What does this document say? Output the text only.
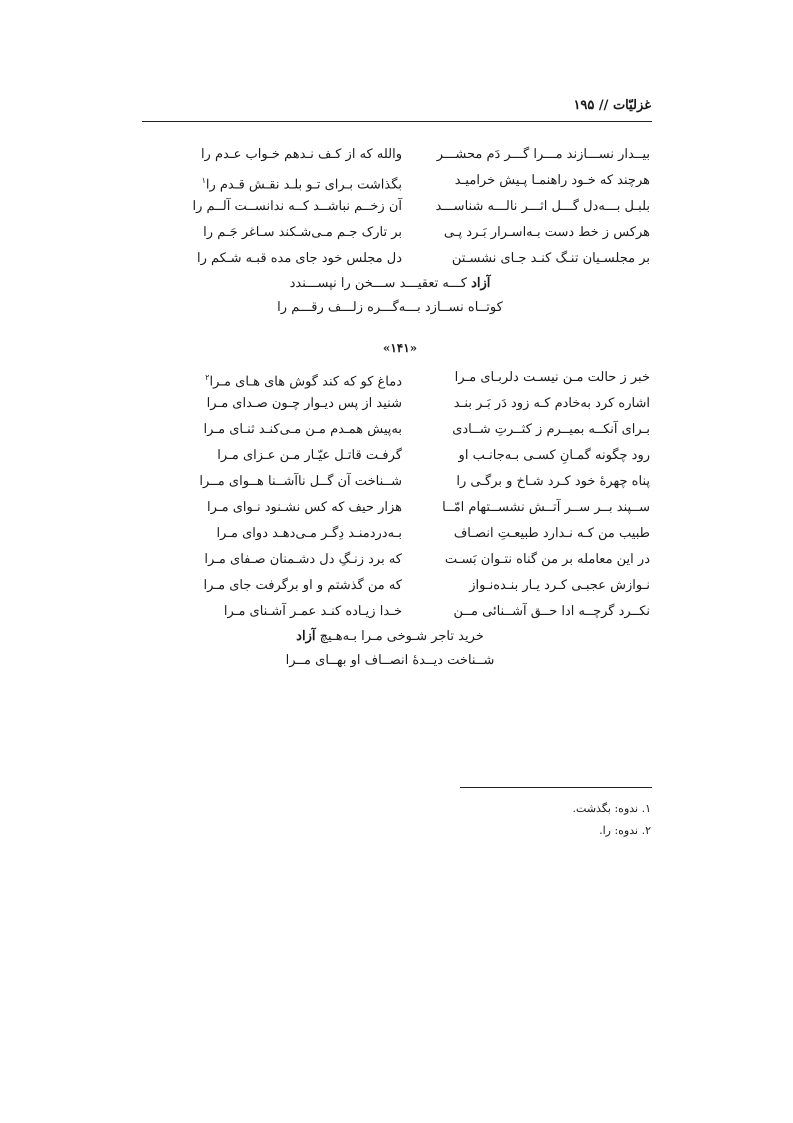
غزلیّات // ۱۹۵
بیــدار نســـازند مـــرا گـــر دَم محشـــر
والله که از کـف نـدهم خـواب عـدم را
هرچند که خـود راهنمـا پـیش خرامیـد
بگذاشت بـرای تـو بلـد نقـش قـدم را$^۱$
بلبـل بـــه‌دل گـــل اثـــر نالـــه شناســـد
آن زخــم نباشــد کــه ندانســت آلــم را
هرکس ز خط دست بـه‌اسـرار بَـرد پـی
بر تارک جـم مـی‌شـکند سـاغر جَـم را
بر مجلسـیان تنـگ کنـد جـای نشسـتن
دل مجلس خود جای مده قبـه شـکم را
آزاد کـــه تعقیـــد ســـخن را نپســـندد
کوتــاه نســازد بـــه‌گـــره زلـــف رقـــم را
«۱۴۱»
خبر ز حالت مـن نیسـت دلربـای مـرا
دماغ کو که کند گوش های هـای مـرا$^۲$
اشاره کرد به‌خادم کـه زود دَر بَـر بنـد
شنید از پس دیـوار چـون صـدای مـرا
بـرای آنکــه بمیــرم ز کثــرتِ شــادی
به‌پیش همـدم مـن مـی‌کنـد ثنـای مـرا
رود چگونه گمـانِ کسـی بـه‌جانـب او
گرفـت قاتـل عیّـار مـن عـزای مـرا
پناه چهرهٔ خود کـرد شـاخ و برگـی را
شــناخت آن گــل ناآشــنا هــوای مــرا
ســپند بــر ســر آتــش نشســتهام امّــا
هزار حیف که کس نشـنود نـوای مـرا
طبیب من کـه نـدارد طبیعـتِ انصـاف
بـه‌دردمنـد دِگـر مـی‌دهـد دوای مـرا
در این معامله بر من گناه نتـوان بَسـت
که برد زنـگِ دل دشـمنان صـفای مـرا
نـوازش عجبـی کـرد یـار بنـده‌نـواز
که من گذشتم و او برگرفت جای مـرا
نکــرد گرچــه ادا حــق آشــنائی مــن
خـدا زیـاده کنـد عمـر آشـنای مـرا
خرید تاجر شـوخی مـرا بـه‌هـیچ آزاد
شــناخت دیــدهٔ انصــاف او بهــای مــرا
۱. ندوه: بگذشت.
۲. ندوه: را.
